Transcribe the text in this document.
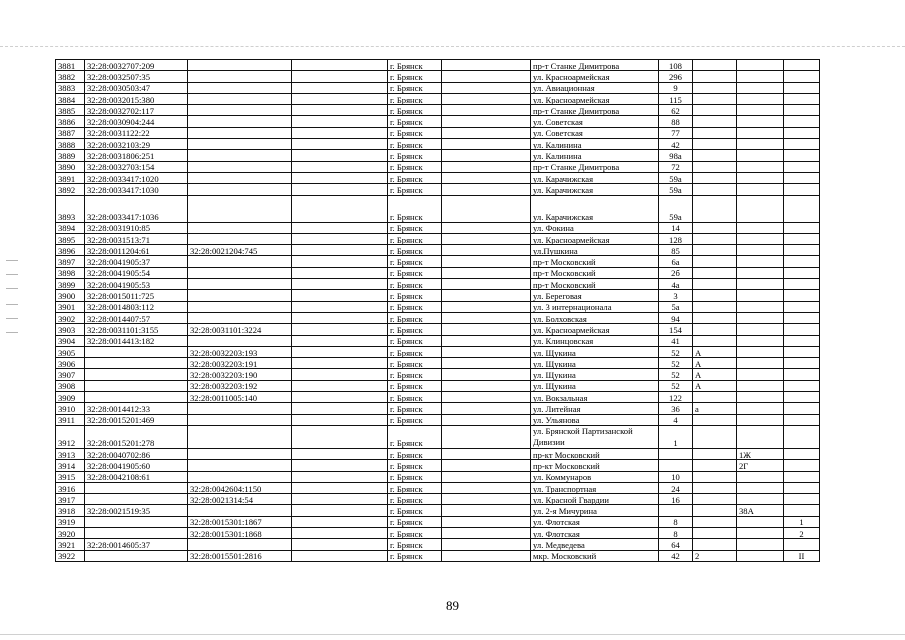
3881	32:28:0032707:209			г. Брянск		пр-т Станке Димитрова	108			
3882	32:28:0032507:35			г. Брянск		ул. Красноармейская	296			
3883	32:28:0030503:47			г. Брянск		ул. Авиационная	9			
3884	32:28:0032015:380			г. Брянск		ул. Красноармейская	115			
3885	32:28:0032702:117			г. Брянск		пр-т Станке Димитрова	62			
3886	32:28:0030904:244			г. Брянск		ул. Советская	88			
3887	32:28:0031122:22			г. Брянск		ул. Советская	77			
3888	32:28:0032103:29			г. Брянск		ул. Калинина	42			
3889	32:28:0031806:251			г. Брянск		ул. Калинина	98а			
3890	32:28:0032703:154			г. Брянск		пр-т Станке Димитрова	72			
3891	32:28:0033417:1020			г. Брянск		ул. Карачижская	59а			
3892	32:28:0033417:1030			г. Брянск		ул. Карачижская	59а			
3893	32:28:0033417:1036			г. Брянск		ул. Карачижская	59а			
3894	32:28:0031910:85			г. Брянск		ул. Фокина	14			
3895	32:28:0031513:71			г. Брянск		ул. Красноармейская	128			
3896	32:28:0011204:61	32:28:0021204:745		г. Брянск		ул.Пушкина	85			
3897	32:28:0041905:37			г. Брянск		пр-т Московский	6а			
3898	32:28:0041905:54			г. Брянск		пр-т Московский	2б			
3899	32:28:0041905:53			г. Брянск		пр-т Московский	4а			
3900	32:28:0015011:725			г. Брянск		ул. Береговая	3			
3901	32:28:0014803:112			г. Брянск		ул. 3 интернационала	5а			
3902	32:28:0014407:57			г. Брянск		ул. Болховская	94			
3903	32:28:0031101:3155	32:28:0031101:3224		г. Брянск		ул. Красноармейская	154			
3904	32:28:0014413:182			г. Брянск		ул. Клинцовская	41			
3905		32:28:0032203:193		г. Брянск		ул. Щукина	52	А		
3906		32:28:0032203:191		г. Брянск		ул. Щукина	52	А		
3907		32:28:0032203:190		г. Брянск		ул. Щукина	52	А		
3908		32:28:0032203:192		г. Брянск		ул. Щукина	52	А		
3909		32:28:0011005:140		г. Брянск		ул. Вокзальная	122			
3910	32:28:0014412:33			г. Брянск		ул. Литейная	36	а		
3911	32:28:0015201:469			г. Брянск		ул. Ульянова	4			
3912	32:28:0015201:278			г. Брянск		ул. Брянской Партизанской Дивизии	1			
3913	32:28:0040702:86			г. Брянск		пр-кт Московский			1Ж	
3914	32:28:0041905:60			г. Брянск		пр-кт Московский			2Г	
3915	32:28:0042108:61			г. Брянск		ул. Коммунаров	10			
3916		32:28:0042604:1150		г. Брянск		ул. Транспортная	24			
3917		32:28:0021314:54		г. Брянск		ул. Красной Гвардии	16			
3918	32:28:0021519:35			г. Брянск		ул. 2-я Мичурина			38А	
3919		32:28:0015301:1867		г. Брянск		ул. Флотская	8			1
3920		32:28:0015301:1868		г. Брянск		ул. Флотская	8			2
3921	32:28:0014605:37			г. Брянск		ул. Медведева	64			
3922		32:28:0015501:2816		г. Брянск		мкр. Московский	42	2		II
89
